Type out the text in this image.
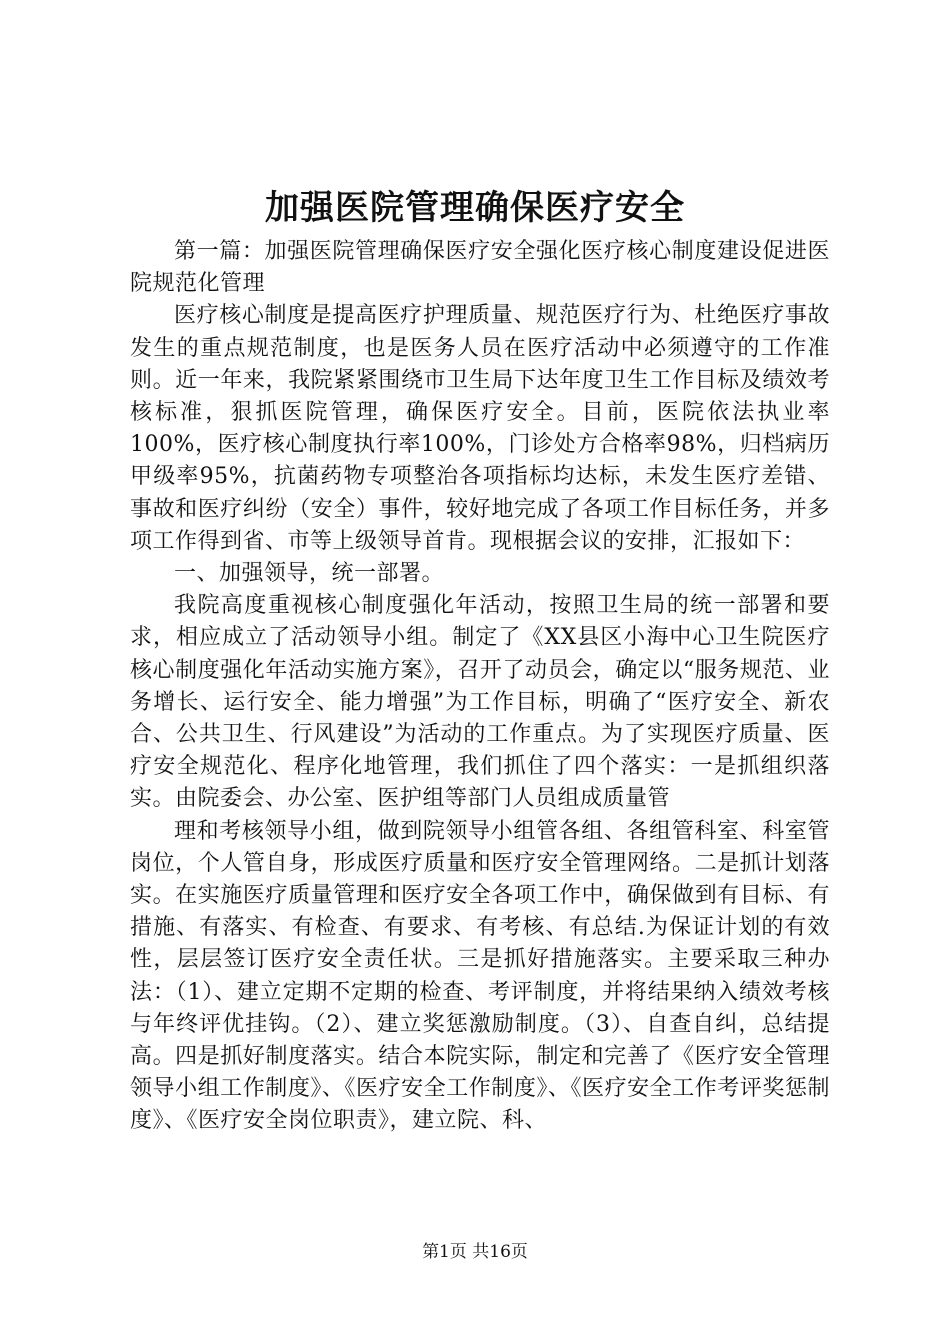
加强医院管理确保医疗安全

第一篇：加强医院管理确保医疗安全强化医疗核心制度建设促进医院规范化管理

医疗核心制度是提高医疗护理质量、规范医疗行为、杜绝医疗事故发生的重点规范制度，也是医务人员在医疗活动中必须遵守的工作准则。近一年来，我院紧紧围绕市卫生局下达年度卫生工作目标及绩效考核标准，狠抓医院管理，确保医疗安全。目前，医院依法执业率100%，医疗核心制度执行率100%，门诊处方合格率98%，归档病历甲级率95%，抗菌药物专项整治各项指标均达标，未发生医疗差错、事故和医疗纠纷（安全）事件，较好地完成了各项工作目标任务，并多项工作得到省、市等上级领导首肯。现根据会议的安排，汇报如下：

一、加强领导，统一部署。

我院高度重视核心制度强化年活动，按照卫生局的统一部署和要求，相应成立了活动领导小组。制定了《XX县区小海中心卫生院医疗核心制度强化年活动实施方案》，召开了动员会，确定以“服务规范、业务增长、运行安全、能力增强”为工作目标，明确了“医疗安全、新农合、公共卫生、行风建设”为活动的工作重点。为了实现医疗质量、医疗安全规范化、程序化地管理，我们抓住了四个落实：一是抓组织落实。由院委会、办公室、医护组等部门人员组成质量管

理和考核领导小组，做到院领导小组管各组、各组管科室、科室管岗位，个人管自身，形成医疗质量和医疗安全管理网络。二是抓计划落实。在实施医疗质量管理和医疗安全各项工作中，确保做到有目标、有措施、有落实、有检查、有要求、有考核、有总结.为保证计划的有效性，层层签订医疗安全责任状。三是抓好措施落实。主要采取三种办法：（1）、建立定期不定期的检查、考评制度，并将结果纳入绩效考核与年终评优挂钩。（2）、建立奖惩激励制度。（3）、自查自纠，总结提高。四是抓好制度落实。结合本院实际，制定和完善了《医疗安全管理领导小组工作制度》、《医疗安全工作制度》、《医疗安全工作考评奖惩制度》、《医疗安全岗位职责》，建立院、科、

第1页 共16页
